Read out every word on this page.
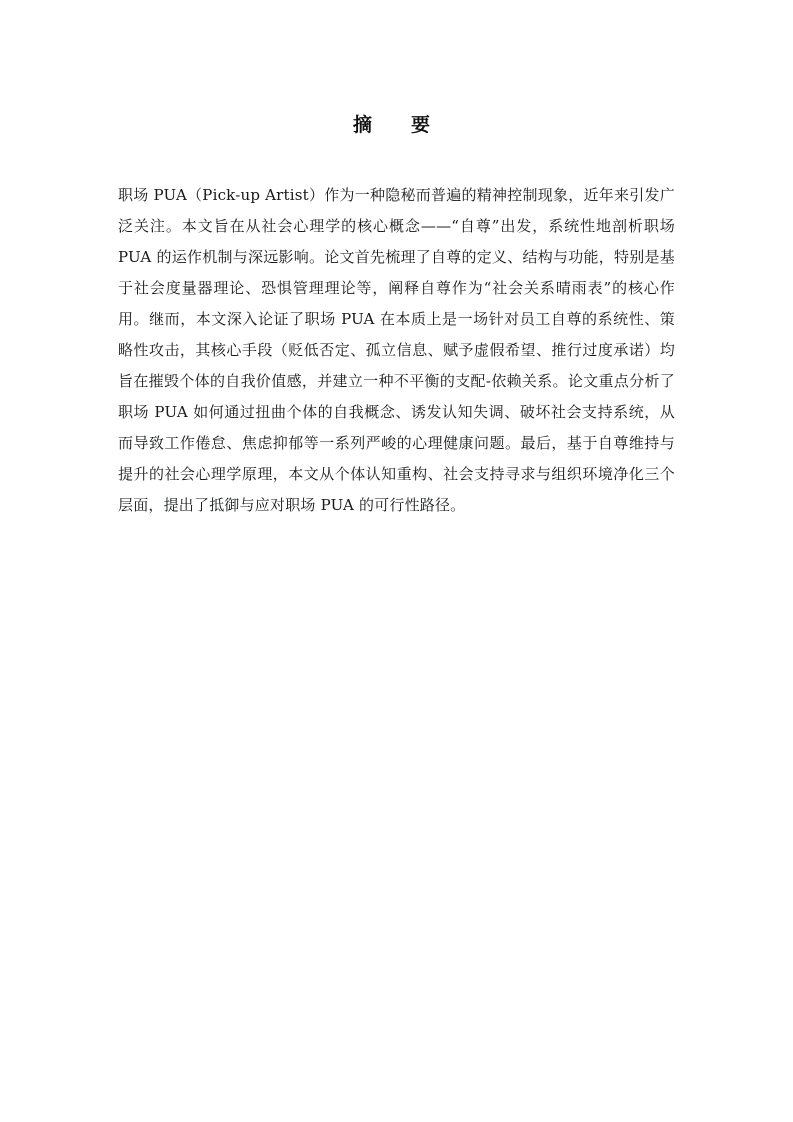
摘　要

职场 PUA（Pick-up Artist）作为一种隐秘而普遍的精神控制现象，近年来引发广泛关注。本文旨在从社会心理学的核心概念——“自尊”出发，系统性地剖析职场 PUA 的运作机制与深远影响。论文首先梳理了自尊的定义、结构与功能，特别是基于社会度量器理论、恐惧管理理论等，阐释自尊作为“社会关系晴雨表”的核心作用。继而，本文深入论证了职场 PUA 在本质上是一场针对员工自尊的系统性、策略性攻击，其核心手段（贬低否定、孤立信息、赋予虚假希望、推行过度承诺）均旨在摧毁个体的自我价值感，并建立一种不平衡的支配-依赖关系。论文重点分析了职场 PUA 如何通过扭曲个体的自我概念、诱发认知失调、破坏社会支持系统，从而导致工作倦怠、焦虑抑郁等一系列严峻的心理健康问题。最后，基于自尊维持与提升的社会心理学原理，本文从个体认知重构、社会支持寻求与组织环境净化三个层面，提出了抵御与应对职场 PUA 的可行性路径。
